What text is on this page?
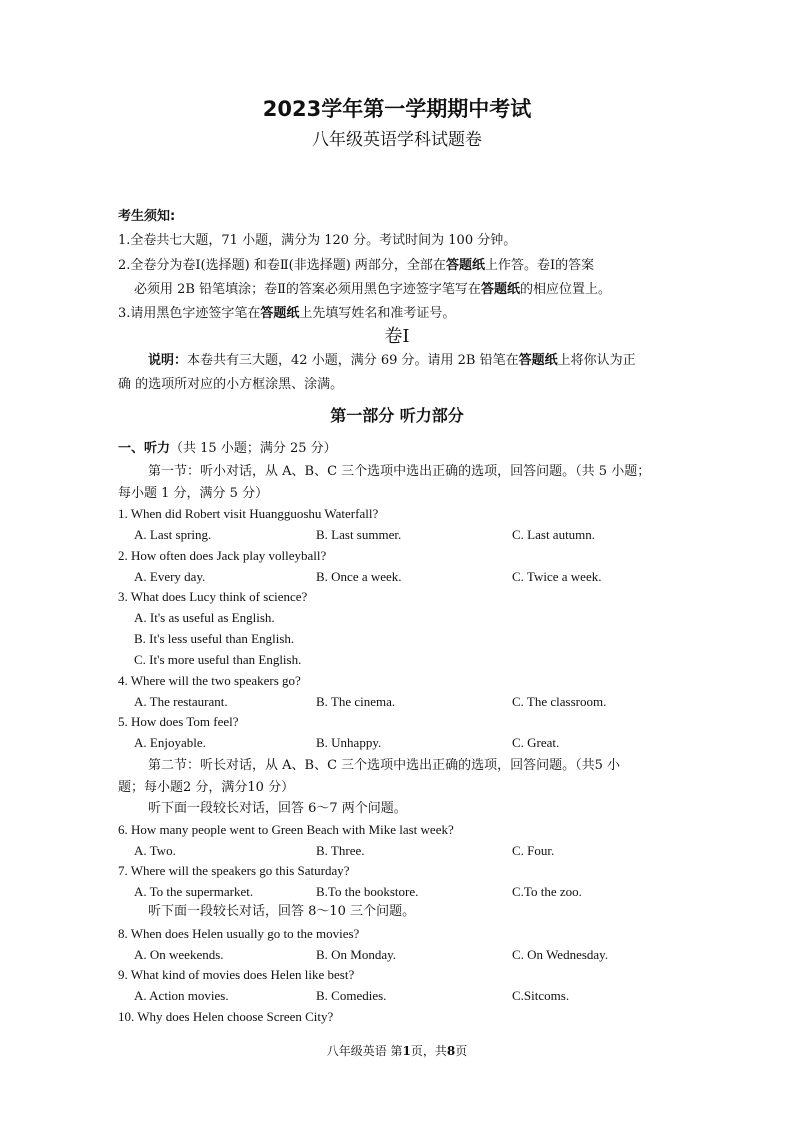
2023学年第一学期期中考试
八年级英语学科试题卷
考生须知:
1.全卷共七大题，71 小题，满分为 120 分。考试时间为 100 分钟。
2.全卷分为卷Ⅰ(选择题) 和卷Ⅱ(非选择题) 两部分，全部在答题纸上作答。卷Ⅰ的答案
必须用 2B 铅笔填涂；卷Ⅱ的答案必须用黑色字迹签字笔写在答题纸的相应位置上。
3.请用黑色字迹签字笔在答题纸上先填写姓名和准考证号。
卷Ⅰ
说明：本卷共有三大题，42 小题，满分 69 分。请用 2B 铅笔在答题纸上将你认为正
确 的选项所对应的小方框涂黑、涂满。
第一部分 听力部分
一、听力（共 15 小题；满分 25 分）
第一节：听小对话，从 A、B、C 三个选项中选出正确的选项，回答问题。（共 5 小题；
每小题 1 分，满分 5 分）
1. When did Robert visit Huangguoshu Waterfall?
A. Last spring.	B. Last summer.	C. Last autumn.
2. How often does Jack play volleyball?
A. Every day.	B. Once a week.	C. Twice a week.
3. What does Lucy think of science?
A. It's as useful as English.
B. It's less useful than English.
C. It's more useful than English.
4. Where will the two speakers go?
A. The restaurant.	B. The cinema.	C. The classroom.
5. How does Tom feel?
A. Enjoyable.	B. Unhappy.	C. Great.
第二节：听长对话，从 A、B、C 三个选项中选出正确的选项，回答问题。（共5 小
题；每小题2 分，满分10 分）
听下面一段较长对话，回答 6～7 两个问题。
6. How many people went to Green Beach with Mike last week?
A. Two.	B. Three.	C. Four.
7. Where will the speakers go this Saturday?
A. To the supermarket.	B.To the bookstore.	C.To the zoo.
听下面一段较长对话，回答 8～10 三个问题。
8. When does Helen usually go to the movies?
A. On weekends.	B. On Monday.	C. On Wednesday.
9. What kind of movies does Helen like best?
A. Action movies.	B. Comedies.	C.Sitcoms.
10. Why does Helen choose Screen City?
八年级英语 第1页，共8页
